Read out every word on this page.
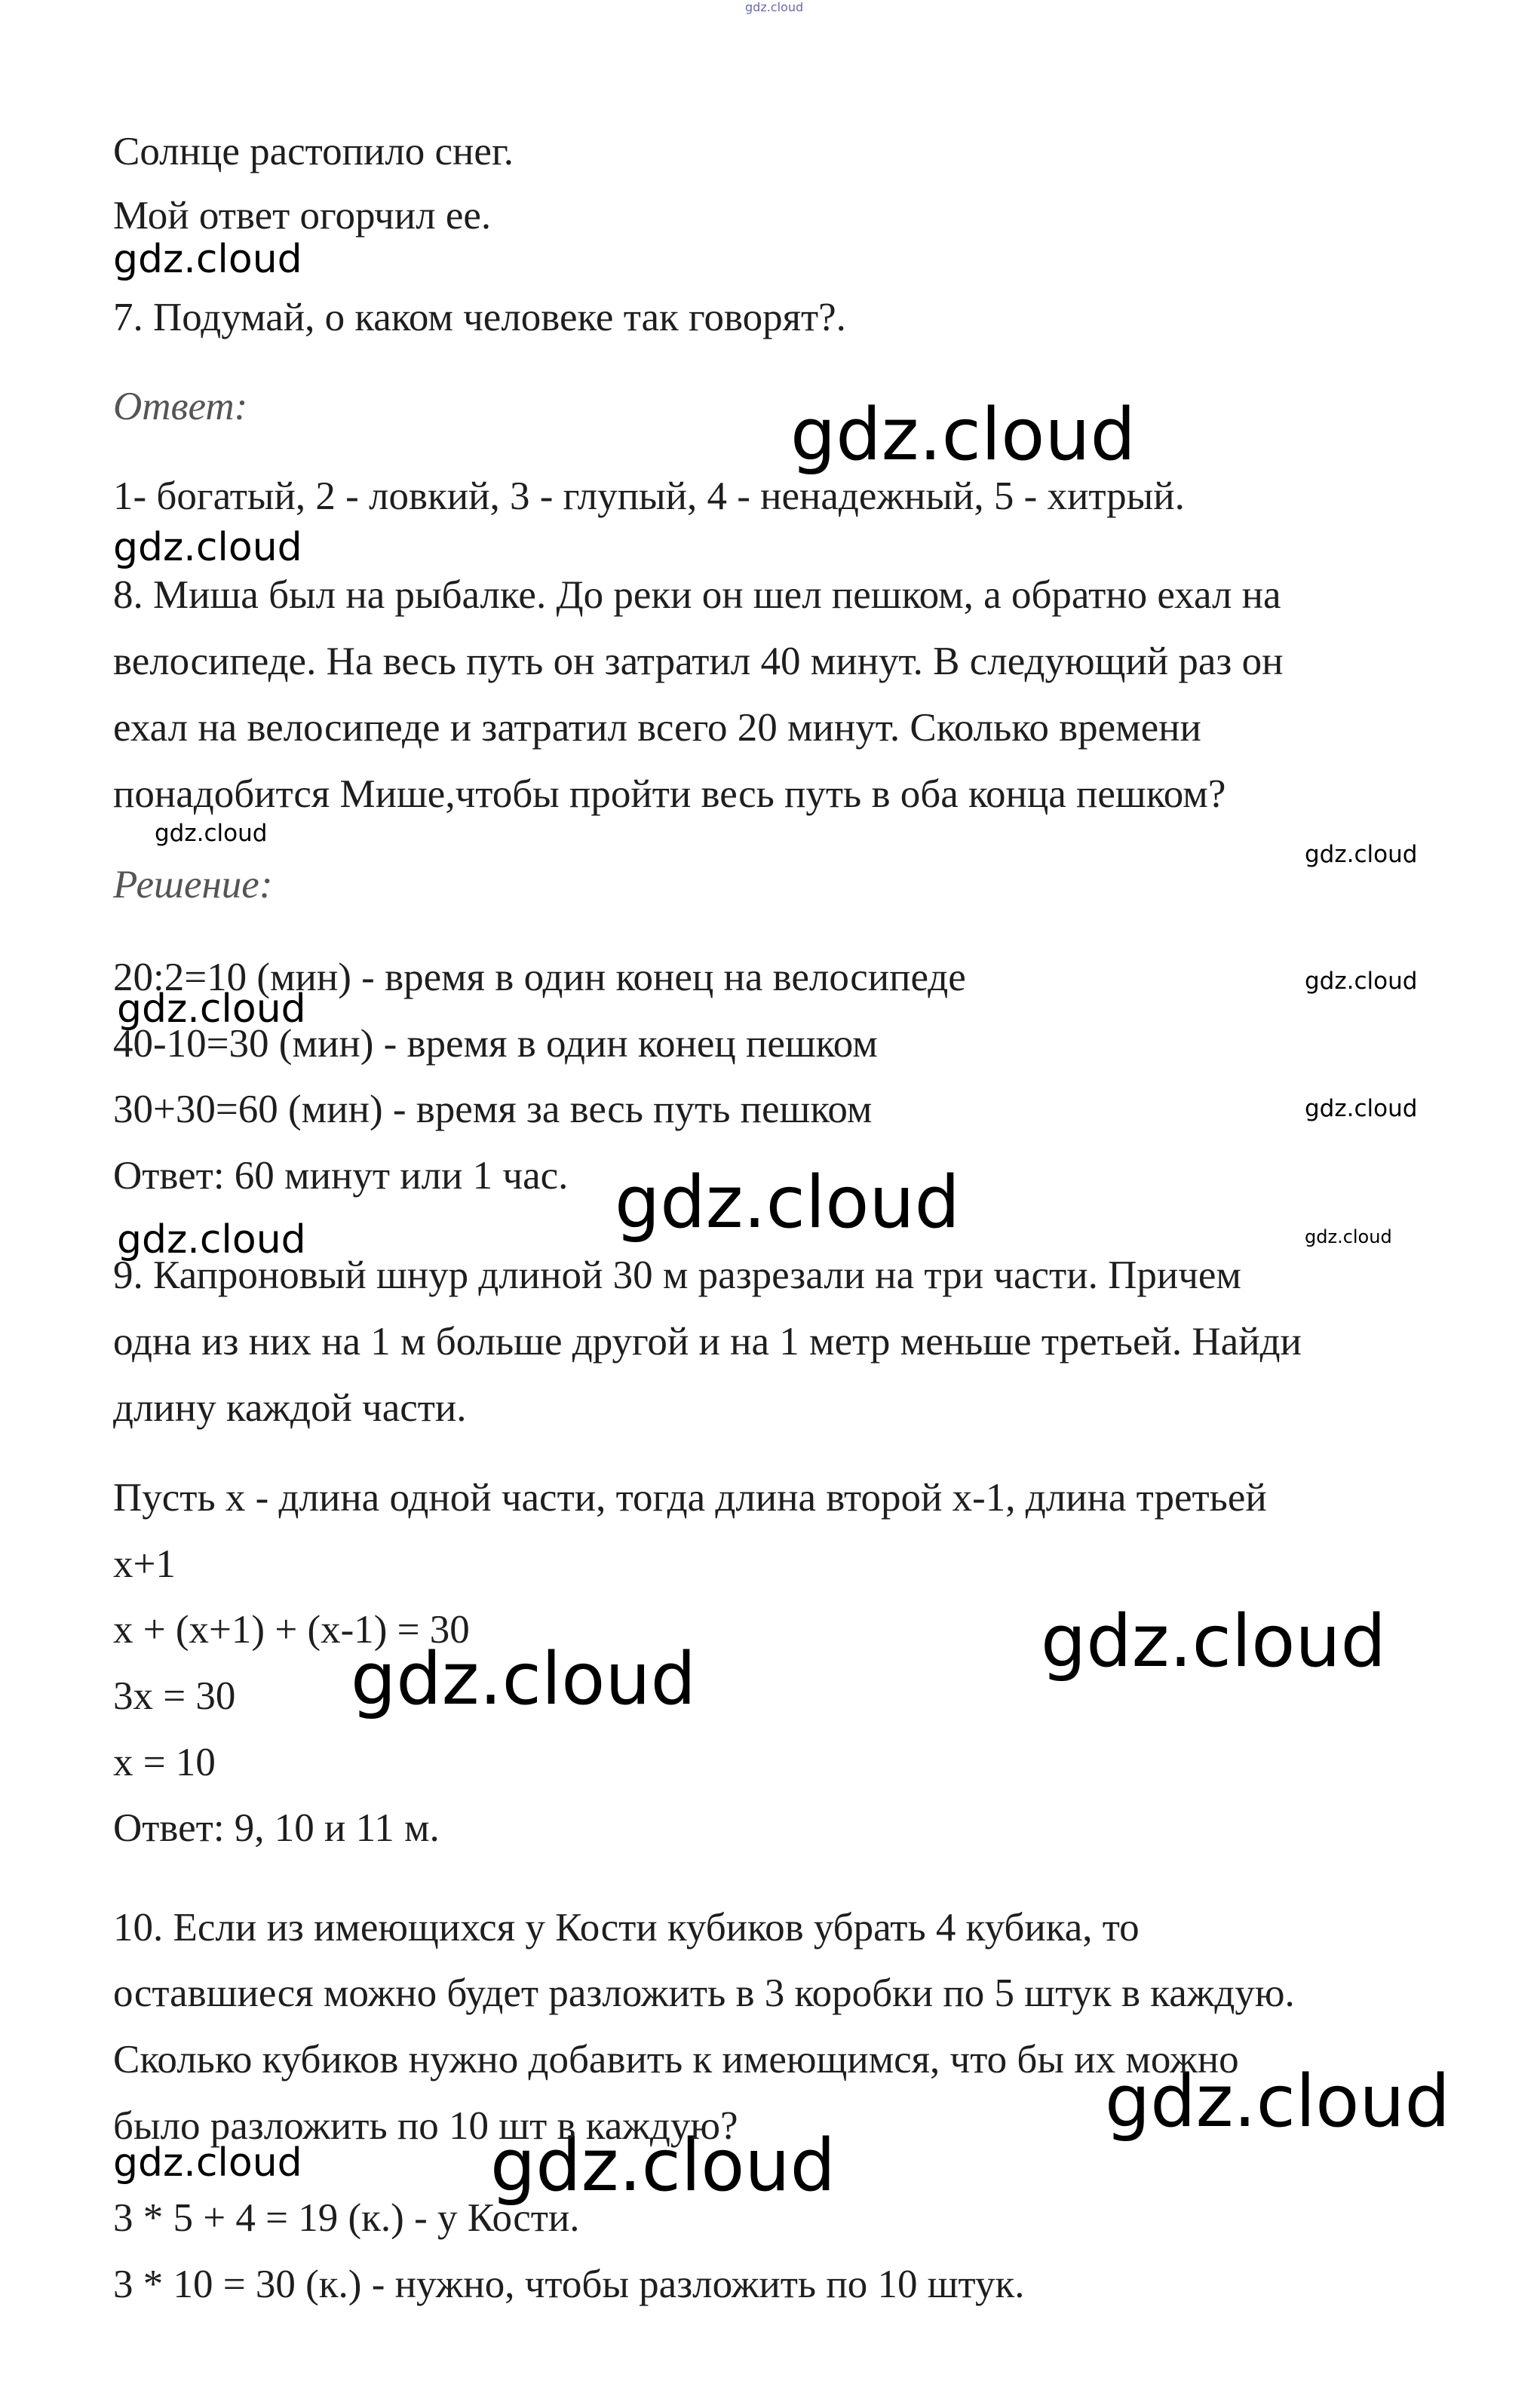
gdz.cloud
gdz.cloud
gdz.cloud
gdz.cloud
gdz.cloud
gdz.cloud
gdz.cloud
gdz.cloud
gdz.cloud
gdz.cloud
gdz.cloud	gdz.cloud
gdz.cloud
gdz.cloud
gdz.cloud
gdz.cloud	gdz.cloud
Солнце растопило снег.
Мой ответ огорчил ее.
7. Подумай, о каком человеке так говорят?.
Ответ:
1- богатый, 2 - ловкий, 3 - глупый, 4 - ненадежный, 5 - хитрый.
8. Миша был на рыбалке. До реки он шел пешком, а обратно ехал на
велосипеде. На весь путь он затратил 40 минут. В следующий раз он
ехал на велосипеде и затратил всего 20 минут. Сколько времени
понадобится Мише,чтобы пройти весь путь в оба конца пешком?
Решение:
20:2=10 (мин) - время в один конец на велосипеде
40-10=30 (мин) - время в один конец пешком
30+30=60 (мин) - время за весь путь пешком
Ответ: 60 минут или 1 час.
9. Капроновый шнур длиной 30 м разрезали на три части. Причем
одна из них на 1 м больше другой и на 1 метр меньше третьей. Найди
длину каждой части.
Пусть х - длина одной части, тогда длина второй х-1, длина третьей
х+1
х + (х+1) + (х-1) = 30
3х = 30
х = 10
Ответ: 9, 10 и 11 м.
10. Если из имеющихся у Кости кубиков убрать 4 кубика, то
оставшиеся можно будет разложить в 3 коробки по 5 штук в каждую.
Сколько кубиков нужно добавить к имеющимся, что бы их можно
было разложить по 10 шт в каждую?
3 * 5 + 4 = 19 (к.) - у Кости.
3 * 10 = 30 (к.) - нужно, чтобы разложить по 10 штук.
